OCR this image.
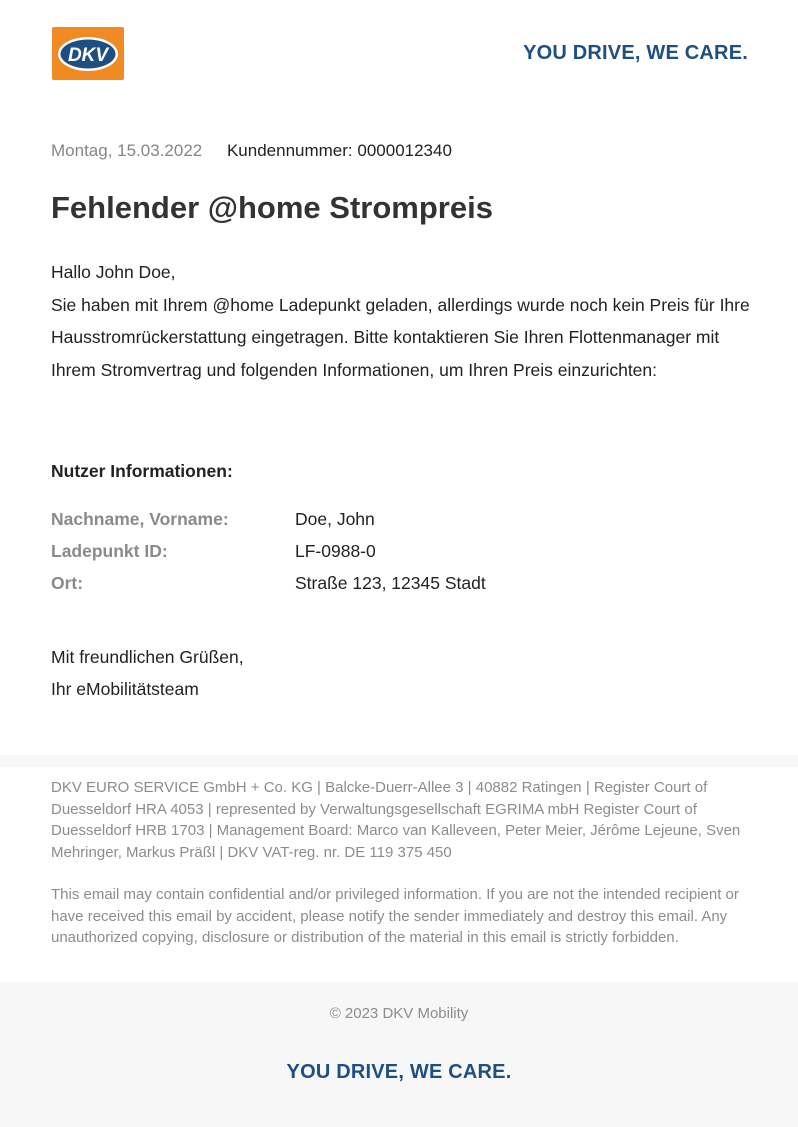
DKV	YOU DRIVE, WE CARE.
Montag, 15.03.2022 Kundennummer: 0000012340
Fehlender @home Strompreis

Hallo John Doe,

Sie haben mit Ihrem @home Ladepunkt geladen, allerdings wurde noch kein Preis für Ihre Hausstromrückerstattung eingetragen. Bitte kontaktieren Sie Ihren Flottenmanager mit Ihrem Stromvertrag und folgenden Informationen, um Ihren Preis einzurichten:

Nutzer Informationen:
Nachname, Vorname:	Doe, John
Ladepunkt ID:	LF-0988-0
Ort:	Straße 123, 12345 Stadt

Mit freundlichen Grüßen,

Ihr eMobilitätsteam

DKV EURO SERVICE GmbH + Co. KG | Balcke-Duerr-Allee 3 | 40882 Ratingen | Register Court of Duesseldorf HRA 4053 | represented by Verwaltungsgesellschaft EGRIMA mbH Register Court of Duesseldorf HRB 1703 | Management Board: Marco van Kalleveen, Peter Meier, Jérôme Lejeune, Sven Mehringer, Markus Präßl | DKV VAT-reg. nr. DE 119 375 450

This email may contain confidential and/or privileged information. If you are not the intended recipient or have received this email by accident, please notify the sender immediately and destroy this email. Any unauthorized copying, disclosure or distribution of the material in this email is strictly forbidden.

© 2023 DKV Mobility
YOU DRIVE, WE CARE.
